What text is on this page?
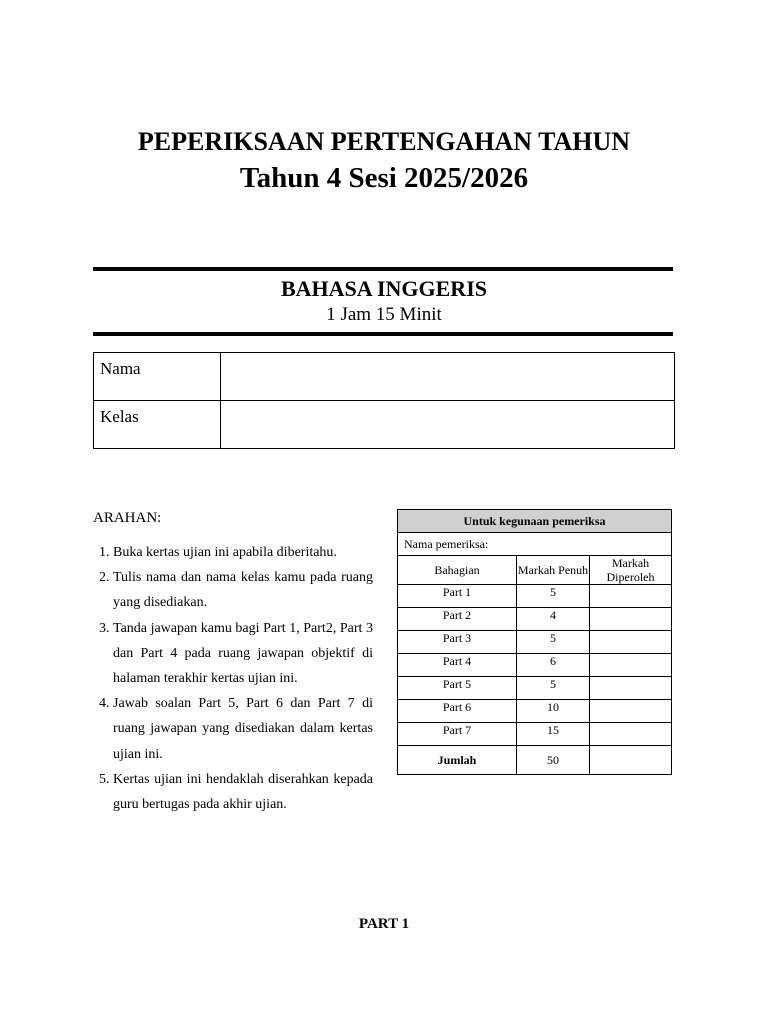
PEPERIKSAAN PERTENGAHAN TAHUN
Tahun 4 Sesi 2025/2026
BAHASA INGGERIS
1 Jam 15 Minit
Nama	
Kelas	
ARAHAN:
1. Buka kertas ujian ini apabila diberitahu.
2. Tulis nama dan nama kelas kamu pada ruang yang disediakan.
3. Tanda jawapan kamu bagi Part 1, Part2, Part 3 dan Part 4 pada ruang jawapan objektif di halaman terakhir kertas ujian ini.
4. Jawab soalan Part 5, Part 6 dan Part 7 di ruang jawapan yang disediakan dalam kertas ujian ini.
5. Kertas ujian ini hendaklah diserahkan kepada guru bertugas pada akhir ujian.
Untuk kegunaan pemeriksa		
Nama pemeriksa:		
Bahagian	Markah Penuh	Markah Diperoleh
Part 1	5	
Part 2	4	
Part 3	5	
Part 4	6	
Part 5	5	
Part 6	10	
Part 7	15	
Jumlah	50	
PART 1
